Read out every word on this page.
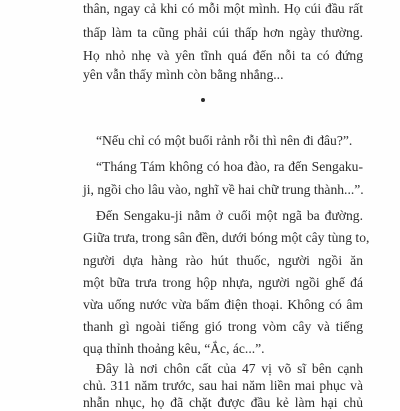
thân, ngay cả khi có mỗi một mình. Họ cúi đầu rất
thấp làm ta cũng phải cúi thấp hơn ngày thường.
Họ nhỏ nhẹ và yên tĩnh quá đến nỗi ta có đứng
yên vẫn thấy mình còn bằng nhắng...
“Nếu chỉ có một buổi rảnh rỗi thì nên đi đâu?”.
“Tháng Tám không có hoa đào, ra đến Sengaku-
ji, ngồi cho lâu vào, nghĩ về hai chữ trung thành...”.
Đến Sengaku-ji nằm ở cuối một ngã ba đường.
Giữa trưa, trong sân đền, dưới bóng một cây tùng to,
người dựa hàng rào hút thuốc, người ngồi ăn
một bữa trưa trong hộp nhựa, người ngồi ghế đá
vừa uống nước vừa bấm điện thoại. Không có âm
thanh gì ngoài tiếng gió trong vòm cây và tiếng
quạ thỉnh thoảng kêu, “Ắc, ác...”.
Đây là nơi chôn cất của 47 vị võ sĩ bên cạnh
chủ. 311 năm trước, sau hai năm liền mai phục và
nhẫn nhục, họ đã chặt được đầu kẻ làm hại chủ
